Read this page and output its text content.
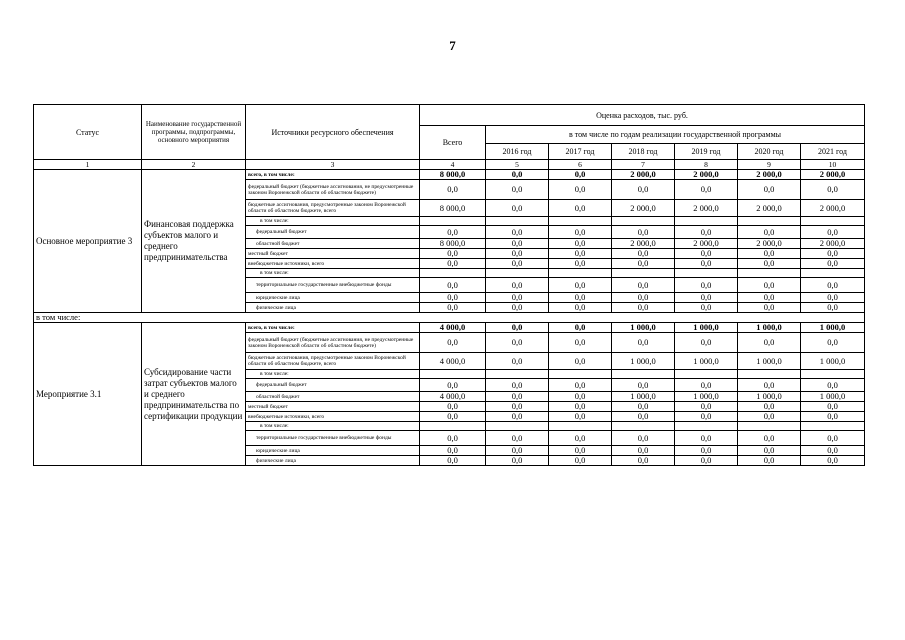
7
Статус	Наименование государственной программы, подпрограммы, основного мероприятия	Источники ресурсного обеспечения	Оценка расходов, тыс. руб.						
			Всего	в том числе по годам реализации государственной программы					
				2016 год	2017 год	2018 год	2019 год	2020 год	2021 год
1	2	3	4	5	6	7	8	9	10
Основное мероприятие 3	Финансовая поддержка субъектов малого и среднего предпринимательства	всего, в том числе:	8 000,0	0,0	0,0	2 000,0	2 000,0	2 000,0	2 000,0
		федеральный бюджет (бюджетные ассигнования, не предусмотренные законом Воронежской области об областном бюджете)	0,0	0,0	0,0	0,0	0,0	0,0	0,0
		бюджетные ассигнования, предусмотренные законом Воронежской области об областном бюджете, всего	8 000,0	0,0	0,0	2 000,0	2 000,0	2 000,0	2 000,0
		в том числе:							
		федеральный бюджет	0,0	0,0	0,0	0,0	0,0	0,0	0,0
		областной бюджет	8 000,0	0,0	0,0	2 000,0	2 000,0	2 000,0	2 000,0
		местный бюджет	0,0	0,0	0,0	0,0	0,0	0,0	0,0
		внебюджетные источники, всего	0,0	0,0	0,0	0,0	0,0	0,0	0,0
		в том числе:							
		территориальные государственные внебюджетные фонды	0,0	0,0	0,0	0,0	0,0	0,0	0,0
		юридические лица	0,0	0,0	0,0	0,0	0,0	0,0	0,0
		физические лица	0,0	0,0	0,0	0,0	0,0	0,0	0,0
в том числе:									
Мероприятие 3.1	Субсидирование части затрат субъектов малого и среднего предпринимательства по сертификации продукции	всего, в том числе:	4 000,0	0,0	0,0	1 000,0	1 000,0	1 000,0	1 000,0
		федеральный бюджет (бюджетные ассигнования, не предусмотренные законом Воронежской области об областном бюджете)	0,0	0,0	0,0	0,0	0,0	0,0	0,0
		бюджетные ассигнования, предусмотренные законом Воронежской области об областном бюджете, всего	4 000,0	0,0	0,0	1 000,0	1 000,0	1 000,0	1 000,0
		в том числе:							
		федеральный бюджет	0,0	0,0	0,0	0,0	0,0	0,0	0,0
		областной бюджет	4 000,0	0,0	0,0	1 000,0	1 000,0	1 000,0	1 000,0
		местный бюджет	0,0	0,0	0,0	0,0	0,0	0,0	0,0
		внебюджетные источники, всего	0,0	0,0	0,0	0,0	0,0	0,0	0,0
		в том числе:							
		территориальные государственные внебюджетные фонды	0,0	0,0	0,0	0,0	0,0	0,0	0,0
		юридические лица	0,0	0,0	0,0	0,0	0,0	0,0	0,0
		физические лица	0,0	0,0	0,0	0,0	0,0	0,0	0,0
